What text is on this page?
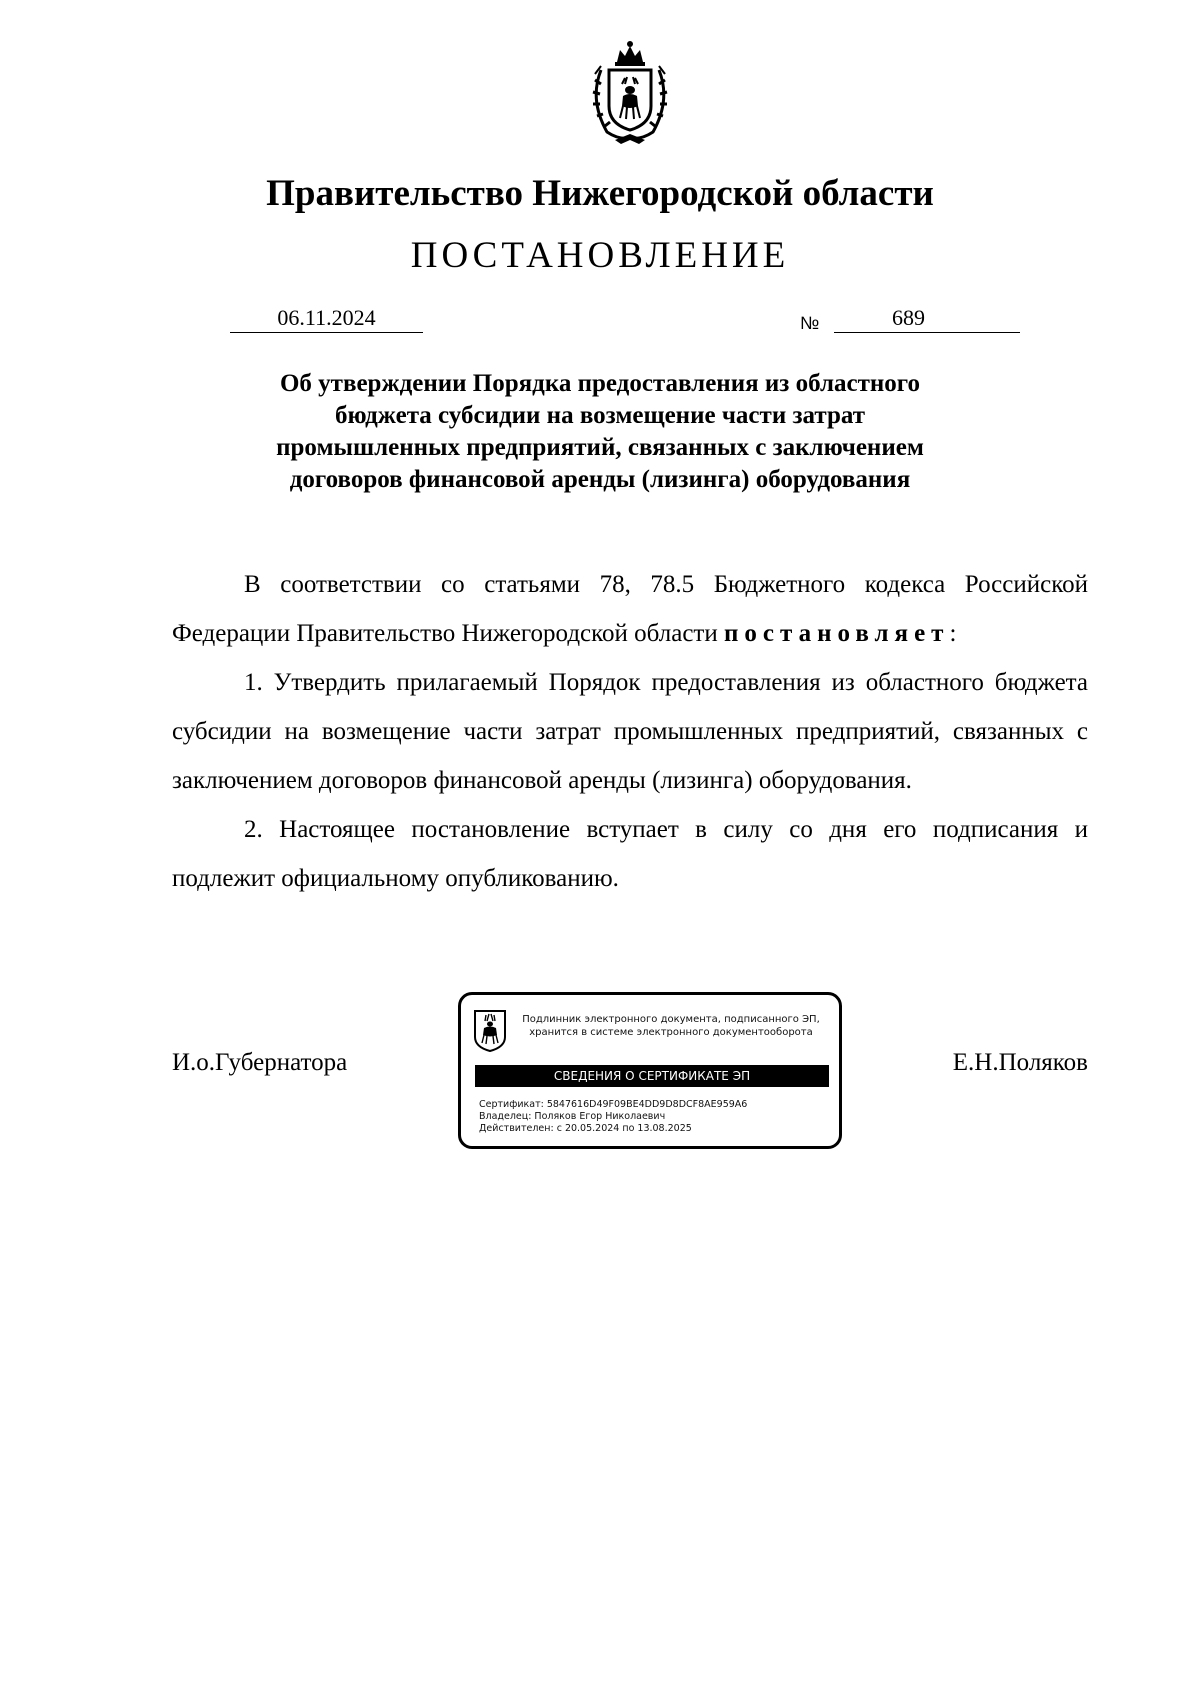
Правительство Нижегородской области
ПОСТАНОВЛЕНИЕ
06.11.2024	№	689
Об утверждении Порядка предоставления из областного
бюджета субсидии на возмещение части затрат
промышленных предприятий, связанных с заключением
договоров финансовой аренды (лизинга) оборудования

В соответствии со статьями 78, 78.5 Бюджетного кодекса Российской Федерации Правительство Нижегородской области постановляет:

1. Утвердить прилагаемый Порядок предоставления из областного бюджета субсидии на возмещение части затрат промышленных предприятий, связанных с заключением договоров финансовой аренды (лизинга) оборудования.

2. Настоящее постановление вступает в силу со дня его подписания и подлежит официальному опубликованию.

И.о.Губернатора	Е.Н.Поляков
Подлинник электронного документа, подписанного ЭП,
хранится в системе электронного документооборота
СВЕДЕНИЯ О СЕРТИФИКАТЕ ЭП
Сертификат: 5847616D49F09BE4DD9D8DCF8AE959A6
Владелец: Поляков Егор Николаевич
Действителен: с 20.05.2024 по 13.08.2025
